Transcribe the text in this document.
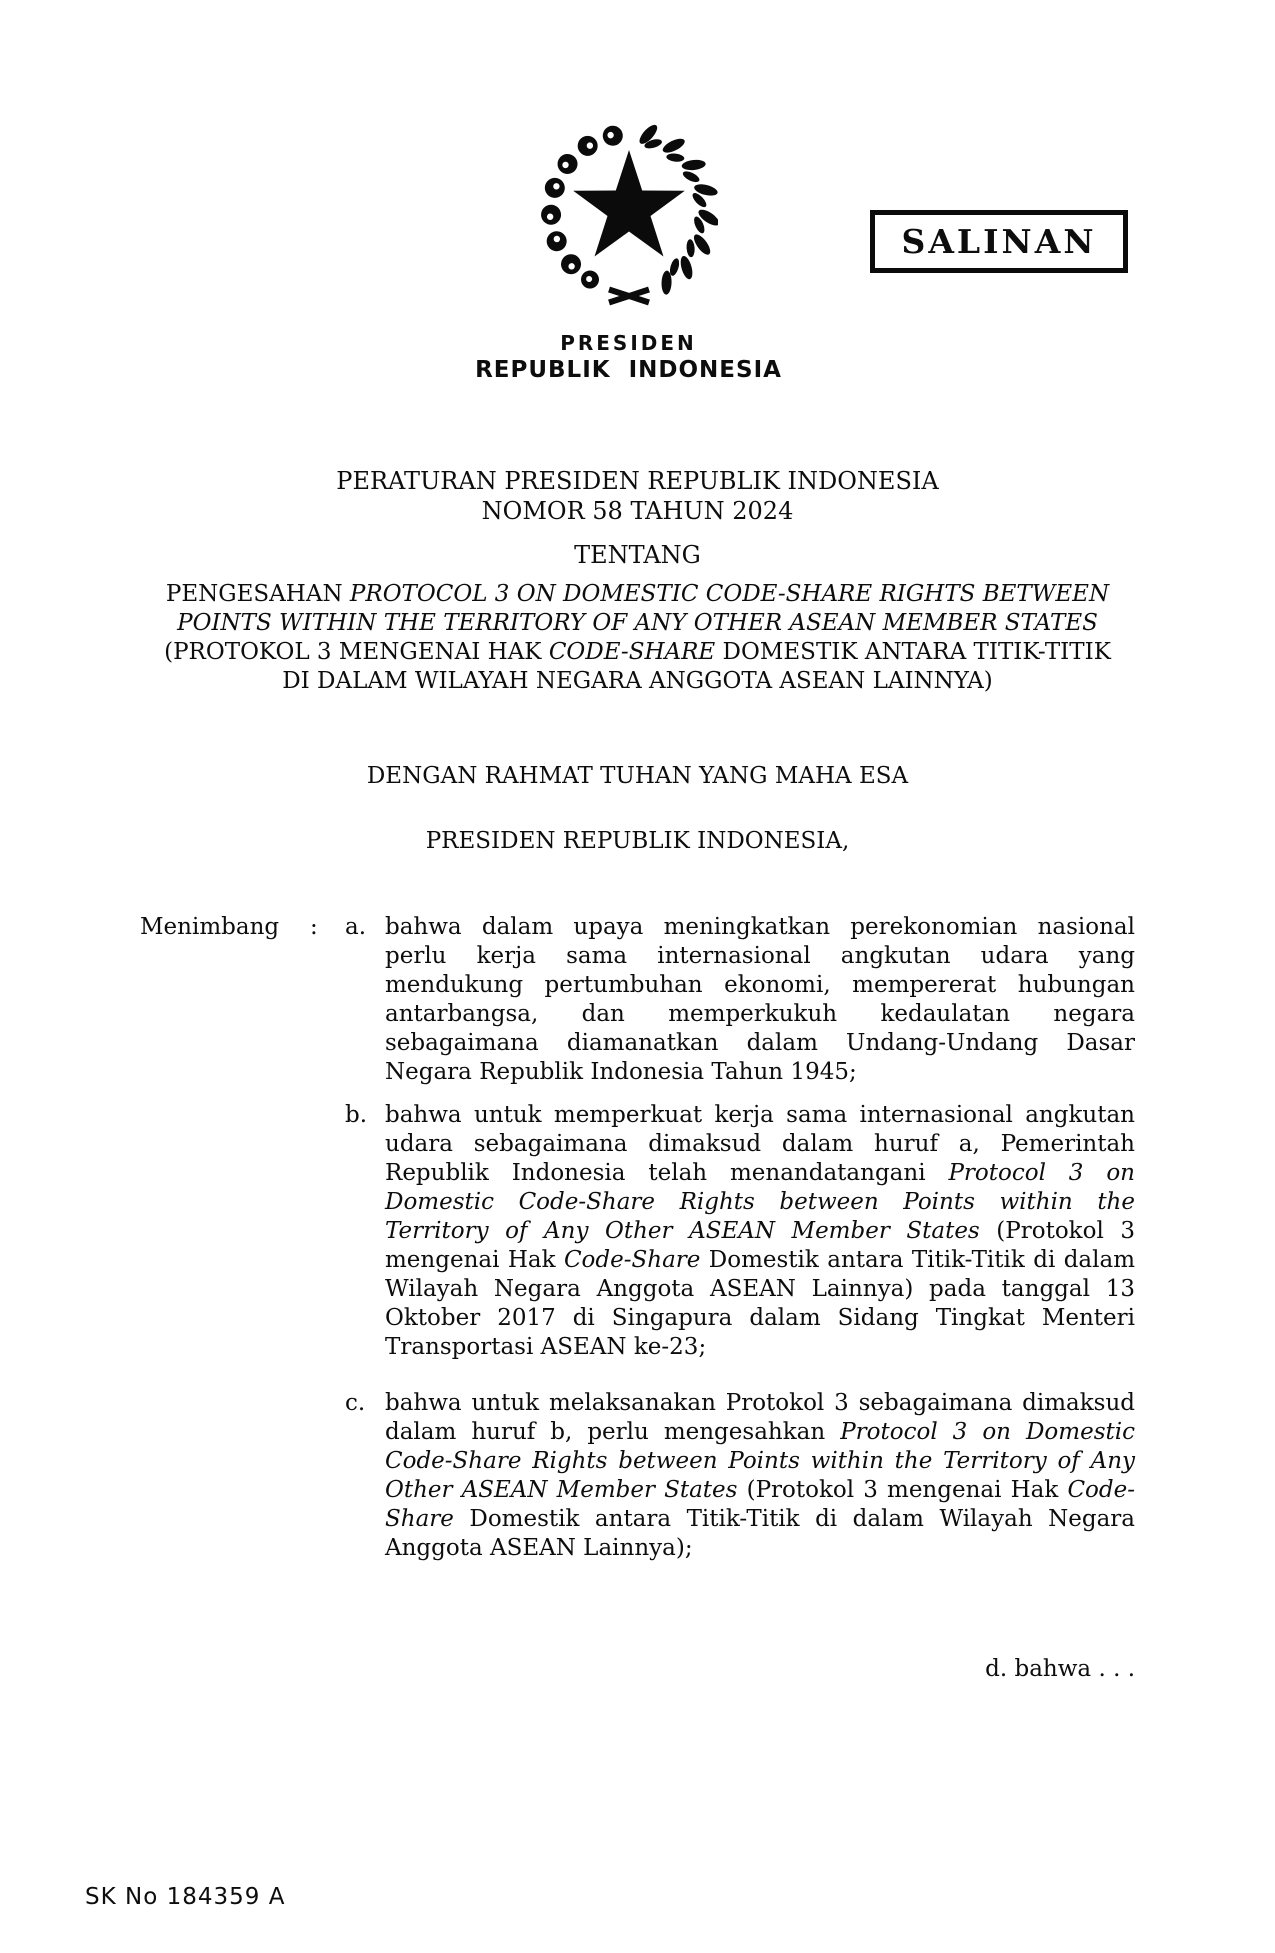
SALINAN
PRESIDEN
REPUBLIK INDONESIA
PERATURAN PRESIDEN REPUBLIK INDONESIA
NOMOR 58 TAHUN 2024
TENTANG
PENGESAHAN PROTOCOL 3 ON DOMESTIC CODE-SHARE RIGHTS BETWEEN
POINTS WITHIN THE TERRITORY OF ANY OTHER ASEAN MEMBER STATES
(PROTOKOL 3 MENGENAI HAK CODE-SHARE DOMESTIK ANTARA TITIK-TITIK
DI DALAM WILAYAH NEGARA ANGGOTA ASEAN LAINNYA)
DENGAN RAHMAT TUHAN YANG MAHA ESA
PRESIDEN REPUBLIK INDONESIA,
Menimbang	:	a. bahwa dalam upaya meningkatkan perekonomian nasional perlu kerja sama internasional angkutan udara yang mendukung pertumbuhan ekonomi, mempererat hubungan antarbangsa, dan memperkukuh kedaulatan negara sebagaimana diamanatkan dalam Undang-Undang Dasar Negara Republik Indonesia Tahun 1945;
b. bahwa untuk memperkuat kerja sama internasional angkutan udara sebagaimana dimaksud dalam huruf a, Pemerintah Republik Indonesia telah menandatangani Protocol 3 on Domestic Code-Share Rights between Points within the Territory of Any Other ASEAN Member States (Protokol 3 mengenai Hak Code-Share Domestik antara Titik-Titik di dalam Wilayah Negara Anggota ASEAN Lainnya) pada tanggal 13 Oktober 2017 di Singapura dalam Sidang Tingkat Menteri Transportasi ASEAN ke-23;
c. bahwa untuk melaksanakan Protokol 3 sebagaimana dimaksud dalam huruf b, perlu mengesahkan Protocol 3 on Domestic Code-Share Rights between Points within the Territory of Any Other ASEAN Member States (Protokol 3 mengenai Hak Code-Share Domestik antara Titik-Titik di dalam Wilayah Negara Anggota ASEAN Lainnya);
d. bahwa . . .
SK No 184359 A
